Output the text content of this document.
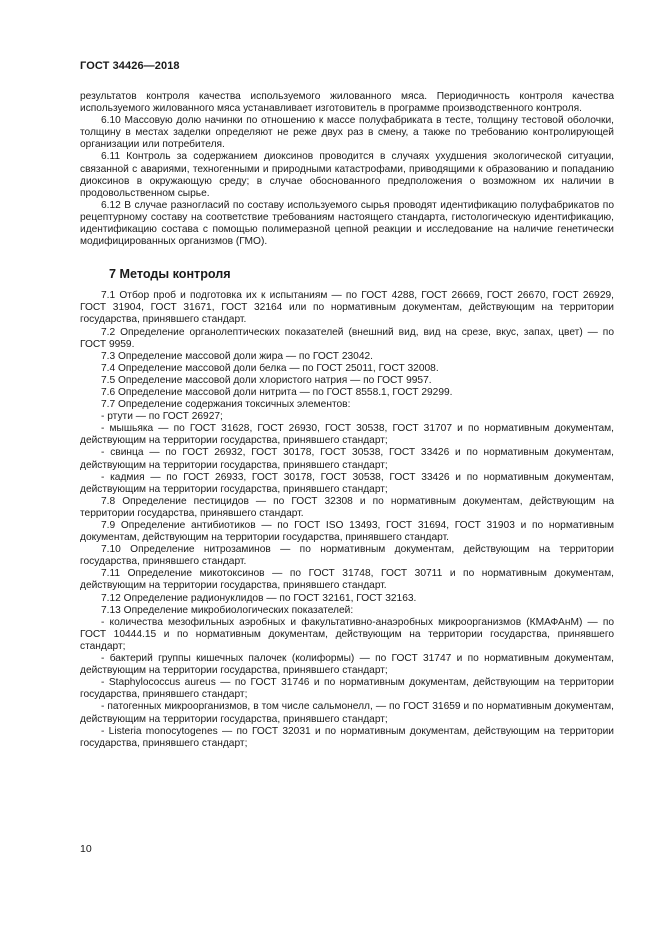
ГОСТ 34426—2018

результатов контроля качества используемого жилованного мяса. Периодичность контроля качества используемого жилованного мяса устанавливает изготовитель в программе производственного контроля.

6.10 Массовую долю начинки по отношению к массе полуфабриката в тесте, толщину тестовой оболочки, толщину в местах заделки определяют не реже двух раз в смену, а также по требованию контролирующей организации или потребителя.

6.11 Контроль за содержанием диоксинов проводится в случаях ухудшения экологической ситуации, связанной с авариями, техногенными и природными катастрофами, приводящими к образованию и попаданию диоксинов в окружающую среду; в случае обоснованного предположения о возможном их наличии в продовольственном сырье.

6.12 В случае разногласий по составу используемого сырья проводят идентификацию полуфабрикатов по рецептурному составу на соответствие требованиям настоящего стандарта, гистологическую идентификацию, идентификацию состава с помощью полимеразной цепной реакции и исследование на наличие генетически модифицированных организмов (ГМО).

7 Методы контроля

7.1 Отбор проб и подготовка их к испытаниям — по ГОСТ 4288, ГОСТ 26669, ГОСТ 26670, ГОСТ 26929, ГОСТ 31904, ГОСТ 31671, ГОСТ 32164 или по нормативным документам, действующим на территории государства, принявшего стандарт.

7.2 Определение органолептических показателей (внешний вид, вид на срезе, вкус, запах, цвет) — по ГОСТ 9959.

7.3 Определение массовой доли жира — по ГОСТ 23042.

7.4 Определение массовой доли белка — по ГОСТ 25011, ГОСТ 32008.

7.5 Определение массовой доли хлористого натрия — по ГОСТ 9957.

7.6 Определение массовой доли нитрита — по ГОСТ 8558.1, ГОСТ 29299.

7.7 Определение содержания токсичных элементов:

- ртути — по ГОСТ 26927;

- мышьяка — по ГОСТ 31628, ГОСТ 26930, ГОСТ 30538, ГОСТ 31707 и по нормативным документам, действующим на территории государства, принявшего стандарт;

- свинца — по ГОСТ 26932, ГОСТ 30178, ГОСТ 30538, ГОСТ 33426 и по нормативным документам, действующим на территории государства, принявшего стандарт;

- кадмия — по ГОСТ 26933, ГОСТ 30178, ГОСТ 30538, ГОСТ 33426 и по нормативным документам, действующим на территории государства, принявшего стандарт;

7.8 Определение пестицидов — по ГОСТ 32308 и по нормативным документам, действующим на территории государства, принявшего стандарт.

7.9 Определение антибиотиков — по ГОСТ ISO 13493, ГОСТ 31694, ГОСТ 31903 и по нормативным документам, действующим на территории государства, принявшего стандарт.

7.10 Определение нитрозаминов — по нормативным документам, действующим на территории государства, принявшего стандарт.

7.11 Определение микотоксинов — по ГОСТ 31748, ГОСТ 30711 и по нормативным документам, действующим на территории государства, принявшего стандарт.

7.12 Определение радионуклидов — по ГОСТ 32161, ГОСТ 32163.

7.13 Определение микробиологических показателей:

- количества мезофильных аэробных и факультативно-анаэробных микроорганизмов (КМАФАнМ) — по ГОСТ 10444.15 и по нормативным документам, действующим на территории государства, принявшего стандарт;

- бактерий группы кишечных палочек (колиформы) — по ГОСТ 31747 и по нормативным документам, действующим на территории государства, принявшего стандарт;

- Staphylococcus aureus — по ГОСТ 31746 и по нормативным документам, действующим на территории государства, принявшего стандарт;

- патогенных микроорганизмов, в том числе сальмонелл, — по ГОСТ 31659 и по нормативным документам, действующим на территории государства, принявшего стандарт;

- Listeria monocytogenes — по ГОСТ 32031 и по нормативным документам, действующим на территории государства, принявшего стандарт;

10
